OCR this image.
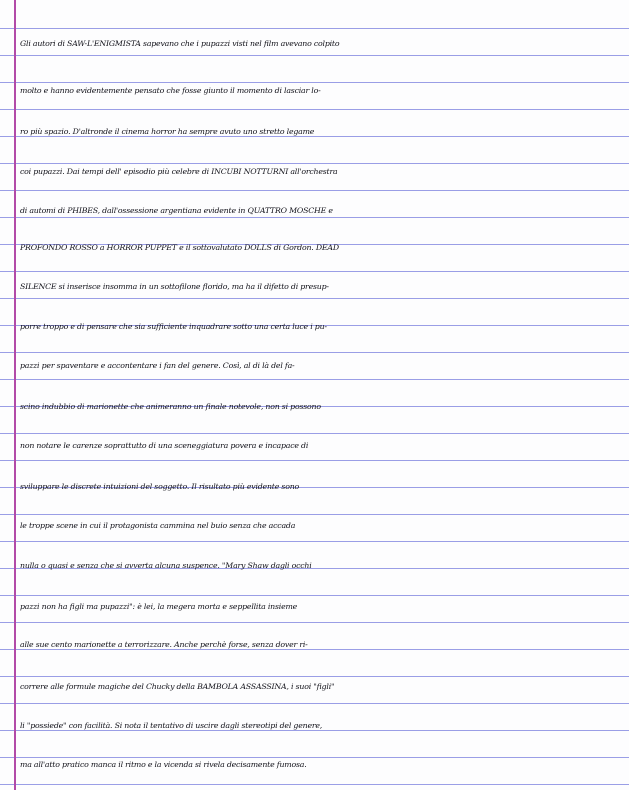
Gli autori di SAW-L'ENIGMISTA sapevano che i pupazzi visti nel film avevano colpito
molto e hanno evidentemente pensato che fosse giunto il momento di lasciar lo-
ro più spazio. D'altronde il cinema horror ha sempre avuto uno stretto legame
coi pupazzi. Dai tempi dell' episodio più celebre di INCUBI NOTTURNI all'orchestra
di automi di PHIBES, dall'ossessione argentiana evidente in QUATTRO MOSCHE e
PROFONDO ROSSO a HORROR PUPPET e il sottovalutato DOLLS di Gordon. DEAD
SILENCE si inserisce insomma in un sottofilone florido, ma ha il difetto di presup-
porre troppo e di pensare che sia sufficiente inquadrare sotto una certa luce i pu-
pazzi per spaventare e accontentare i fan del genere. Così, al di là del fa-
scino indubbio di marionette che animeranno un finale notevole, non si possono
non notare le carenze soprattutto di una sceneggiatura povera e incapace di
sviluppare le discrete intuizioni del soggetto. Il risultato più evidente sono
le troppe scene in cui il protagonista cammina nel buio senza che accada
nulla o quasi e senza che si avverta alcuna suspence. "Mary Shaw dagli occhi
pazzi non ha figli ma pupazzi": è lei, la megera morta e seppellita insieme
alle sue cento marionette a terrorizzare. Anche perchè forse, senza dover ri-
correre alle formule magiche del Chucky della BAMBOLA ASSASSINA, i suoi "figli"
li "possiede" con facilità. Si nota il tentativo di uscire dagli stereotipi del genere,
ma all'atto pratico manca il ritmo e la vicenda si rivela decisamente fumosa.
